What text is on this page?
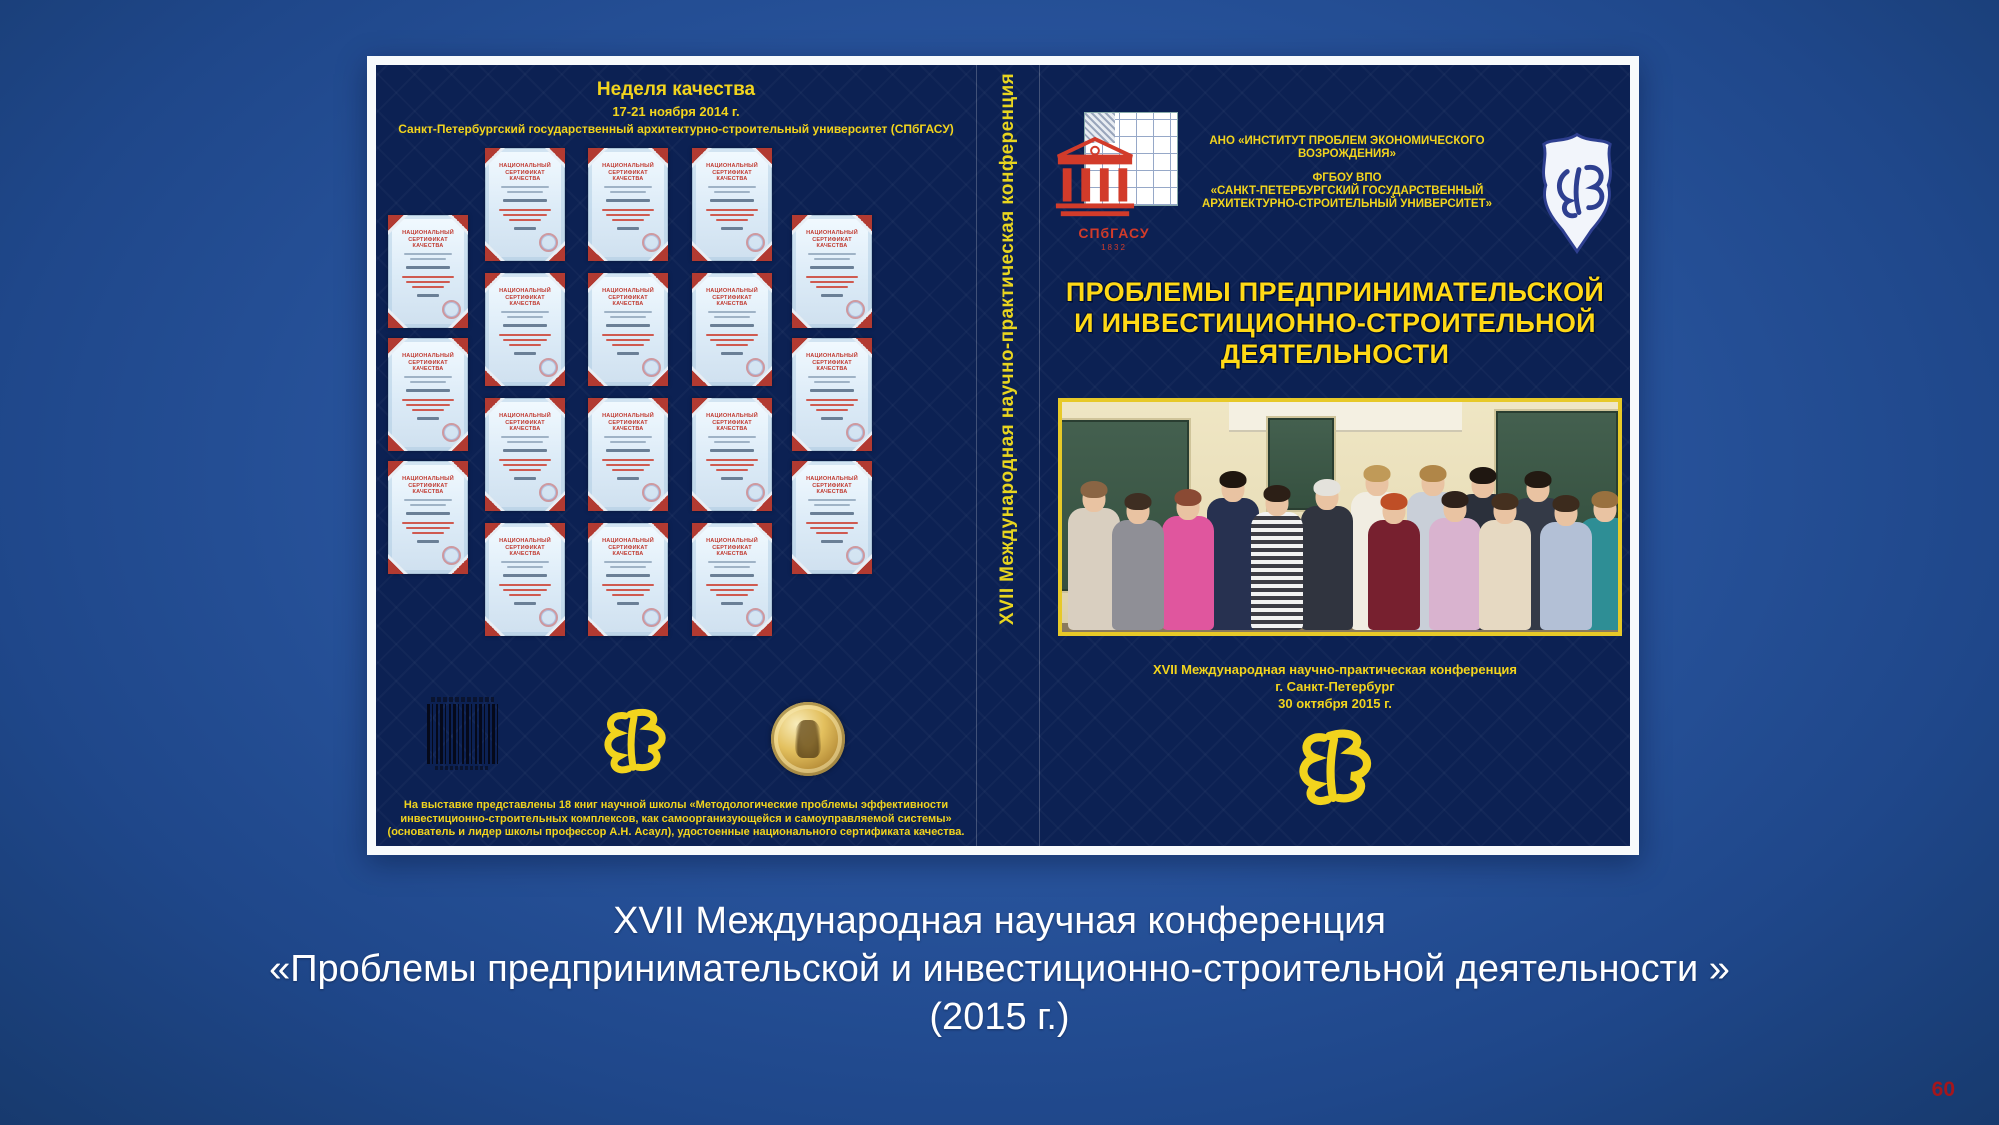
Неделя качества
17-21 ноября 2014 г.
Санкт-Петербургский государственный архитектурно-строительный университет (СПбГАСУ)
НАЦИОНАЛЬНЫЙ СЕРТИФИКАТ КАЧЕСТВА
НАЦИОНАЛЬНЫЙ СЕРТИФИКАТ КАЧЕСТВА
НАЦИОНАЛЬНЫЙ СЕРТИФИКАТ КАЧЕСТВА
НАЦИОНАЛЬНЫЙ СЕРТИФИКАТ КАЧЕСТВА
НАЦИОНАЛЬНЫЙ СЕРТИФИКАТ КАЧЕСТВА
НАЦИОНАЛЬНЫЙ СЕРТИФИКАТ КАЧЕСТВА
НАЦИОНАЛЬНЫЙ СЕРТИФИКАТ КАЧЕСТВА
НАЦИОНАЛЬНЫЙ СЕРТИФИКАТ КАЧЕСТВА
НАЦИОНАЛЬНЫЙ СЕРТИФИКАТ КАЧЕСТВА
НАЦИОНАЛЬНЫЙ СЕРТИФИКАТ КАЧЕСТВА
НАЦИОНАЛЬНЫЙ СЕРТИФИКАТ КАЧЕСТВА
НАЦИОНАЛЬНЫЙ СЕРТИФИКАТ КАЧЕСТВА
НАЦИОНАЛЬНЫЙ СЕРТИФИКАТ КАЧЕСТВА
НАЦИОНАЛЬНЫЙ СЕРТИФИКАТ КАЧЕСТВА
НАЦИОНАЛЬНЫЙ СЕРТИФИКАТ КАЧЕСТВА
НАЦИОНАЛЬНЫЙ СЕРТИФИКАТ КАЧЕСТВА
НАЦИОНАЛЬНЫЙ СЕРТИФИКАТ КАЧЕСТВА
НАЦИОНАЛЬНЫЙ СЕРТИФИКАТ КАЧЕСТВА
На выставке представлены 18 книг научной школы «Методологические проблемы эффективности инвестиционно-строительных комплексов, как самоорганизующейся и самоуправляемой системы» (основатель и лидер школы профессор А.Н. Асаул), удостоенные национального сертификата качества.
XVII Международная научно-практическая конференция	СПбГАСУ
1832
АНО «ИНСТИТУТ ПРОБЛЕМ ЭКОНОМИЧЕСКОГО ВОЗРОЖДЕНИЯ»
ФГБОУ ВПО
«САНКТ-ПЕТЕРБУРГСКИЙ ГОСУДАРСТВЕННЫЙ
АРХИТЕКТУРНО-СТРОИТЕЛЬНЫЙ УНИВЕРСИТЕТ»
ПРОБЛЕМЫ ПРЕДПРИНИМАТЕЛЬСКОЙ
И ИНВЕСТИЦИОННО-СТРОИТЕЛЬНОЙ
ДЕЯТЕЛЬНОСТИ
XVII Международная научно-практическая конференция
г. Санкт-Петербург
30 октября 2015 г.
XVII Международная научная конференция
«Проблемы предпринимательской и инвестиционно-строительной деятельности »
(2015 г.)
60
